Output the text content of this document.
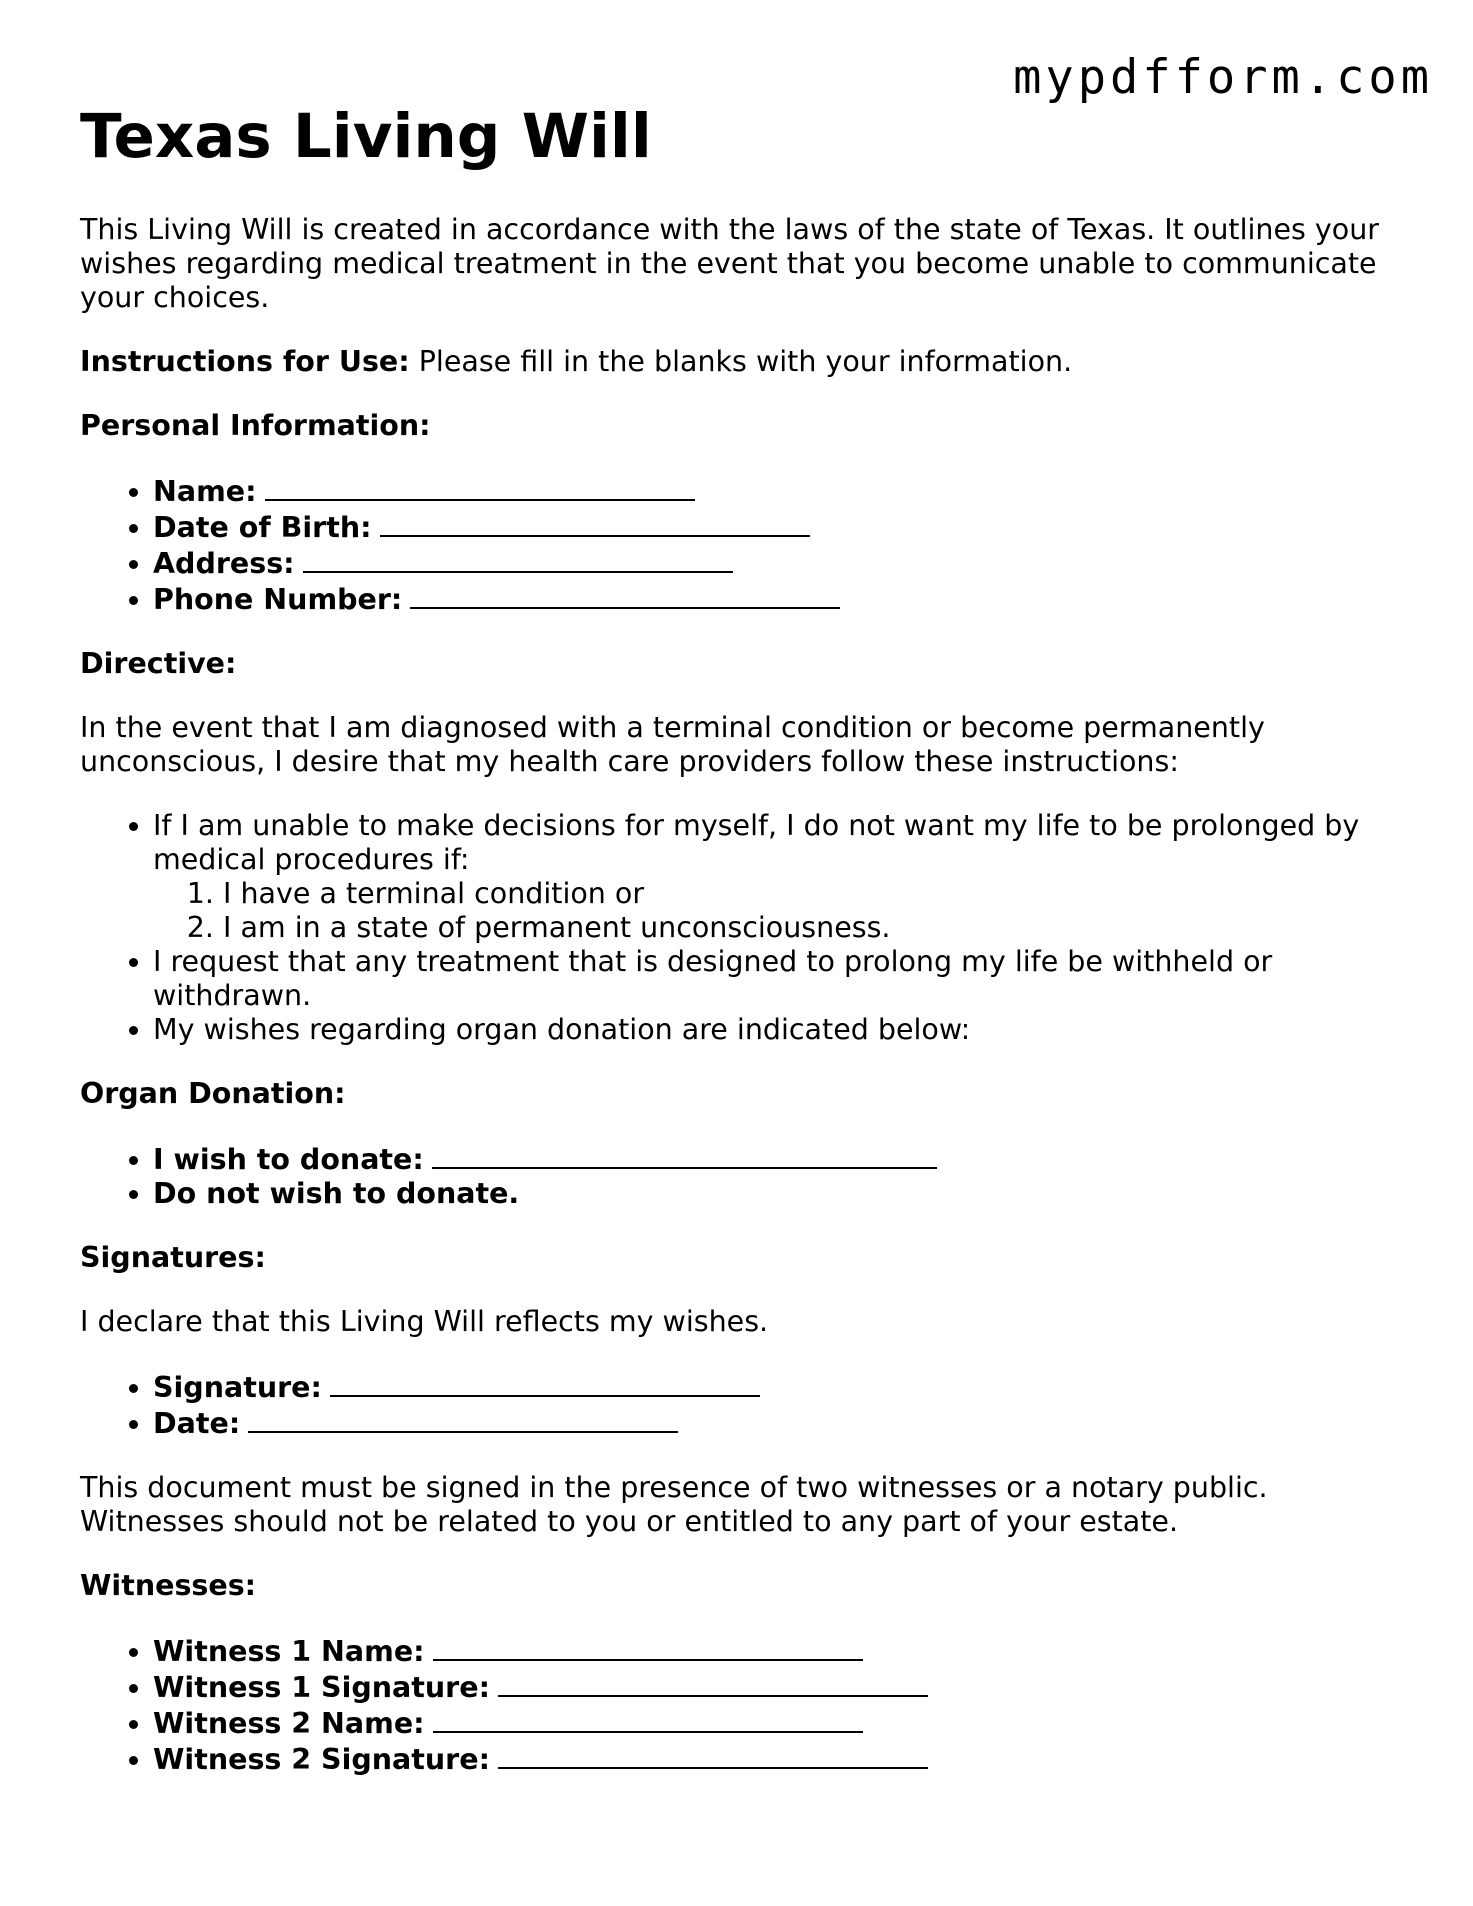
mypdfform.com
Texas Living Will

This Living Will is created in accordance with the laws of the state of Texas. It outlines your wishes regarding medical treatment in the event that you become unable to communicate your choices.

Instructions for Use: Please fill in the blanks with your information.

Personal Information:

• Name:
• Date of Birth:
• Address:
• Phone Number:

Directive:

In the event that I am diagnosed with a terminal condition or become permanently unconscious, I desire that my health care providers follow these instructions:

• If I am unable to make decisions for myself, I do not want my life to be prolonged by medical procedures if:
1. I have a terminal condition or
2. I am in a state of permanent unconsciousness.
• I request that any treatment that is designed to prolong my life be withheld or withdrawn.
• My wishes regarding organ donation are indicated below:

Organ Donation:

• I wish to donate:
• Do not wish to donate.

Signatures:

I declare that this Living Will reflects my wishes.

• Signature:
• Date:

This document must be signed in the presence of two witnesses or a notary public. Witnesses should not be related to you or entitled to any part of your estate.

Witnesses:

• Witness 1 Name:
• Witness 1 Signature:
• Witness 2 Name:
• Witness 2 Signature:
